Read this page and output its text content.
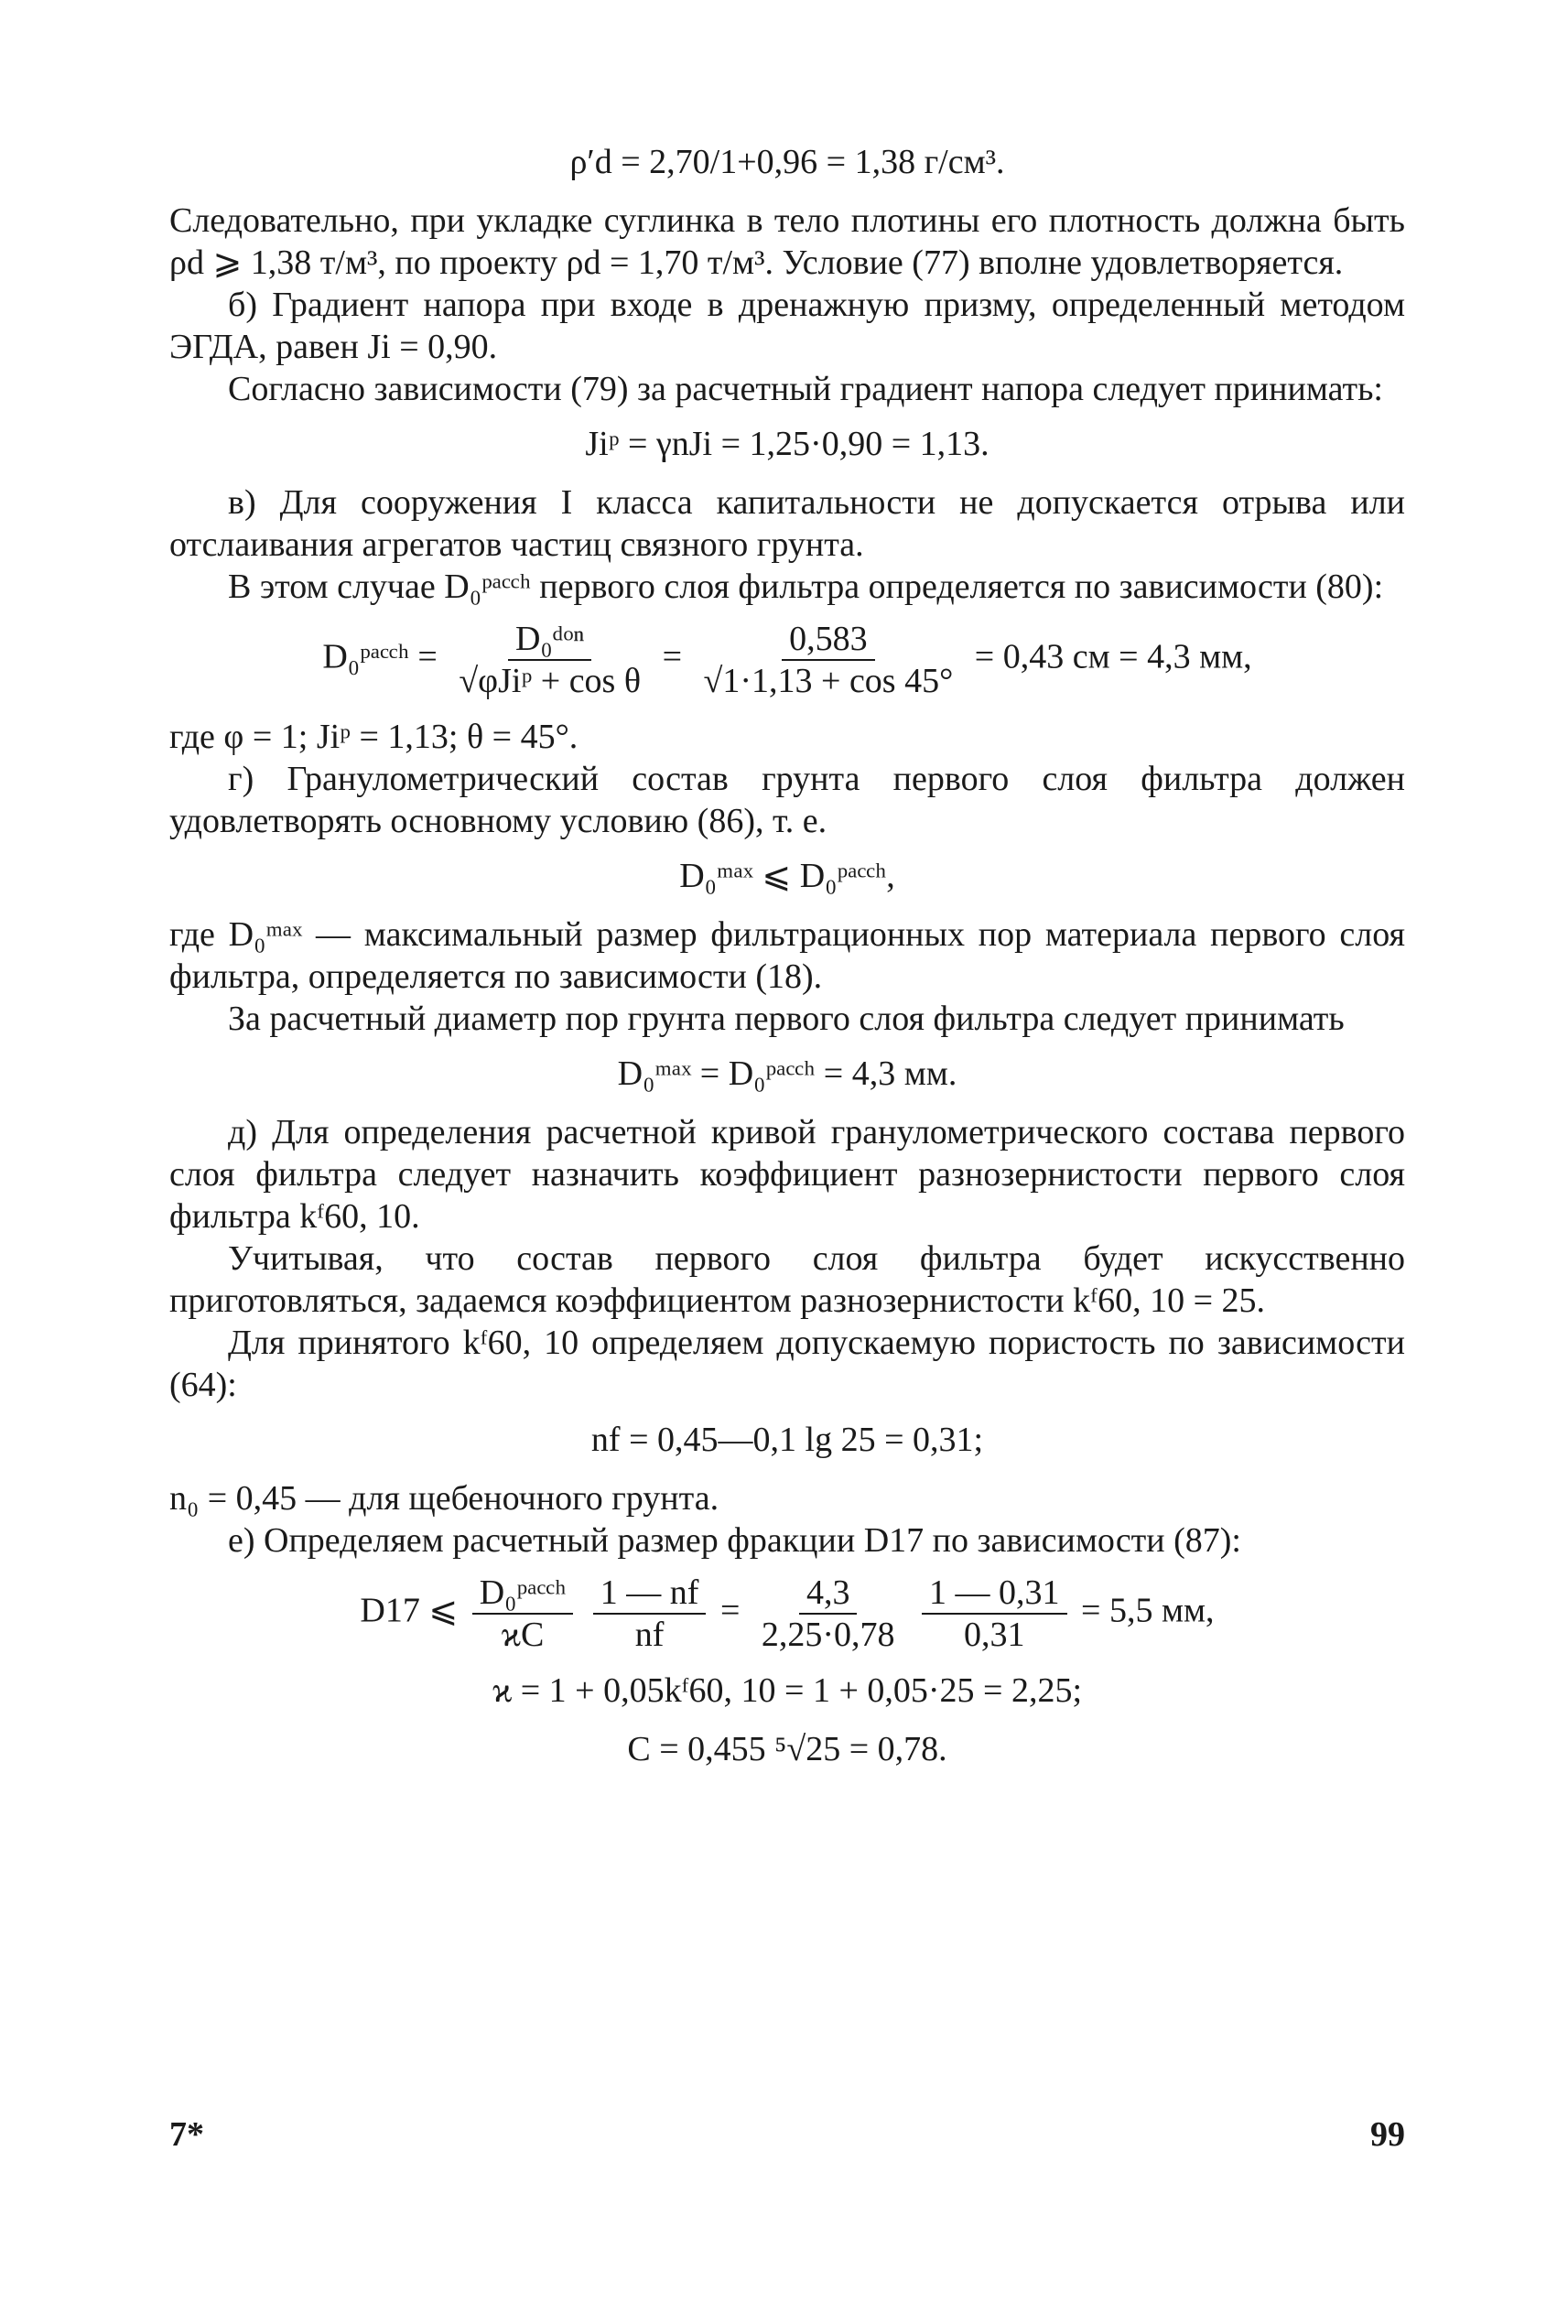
ρ′d = 2,70/1+0,96 = 1,38 г/см³.

Следовательно, при укладке суглинка в тело плотины его плотность должна быть ρd ⩾ 1,38 т/м³, по проекту ρd = 1,70 т/м³. Условие (77) вполне удовлетворяется.

б) Градиент напора при входе в дренажную призму, определенный методом ЭГДА, равен Ji = 0,90.

Согласно зависимости (79) за расчетный градиент напора следует принимать:

Jiᵖ = γnJi = 1,25·0,90 = 1,13.

в) Для сооружения I класса капитальности не допускается отрыва или отслаивания агрегатов частиц связного грунта.

В этом случае D₀ᵖᵃᶜᶜʰ первого слоя фильтра определяется по зависимости (80):

D₀ᵖᵃᶜᶜʰ = $\frac{\text{D₀ᵈᵒⁿ}}{\text{√φJiᵖ + cos θ}} = \frac{0,583}{√1\cdot 1,13 + \cos 45^\circ} = 0,43$ см = 4,3 мм,

где φ = 1; Jiᵖ = 1,13; θ = 45°.

г) Гранулометрический состав грунта первого слоя фильтра должен удовлетворять основному условию (86), т. е.

D₀ᵐᵃˣ ⩽ D₀ᵖᵃᶜᶜʰ,

где D₀ᵐᵃˣ — максимальный размер фильтрационных пор материала первого слоя фильтра, определяется по зависимости (18).

За расчетный диаметр пор грунта первого слоя фильтра следует принимать

D₀ᵐᵃˣ = D₀ᵖᵃᶜᶜʰ = 4,3 мм.

д) Для определения расчетной кривой гранулометрического состава первого слоя фильтра следует назначить коэффициент разнозернистости первого слоя фильтра kᶠ60, 10.

Учитывая, что состав первого слоя фильтра будет искусственно приготовляться, задаемся коэффициентом разнозернистости kᶠ60, 10 = 25.

Для принятого kᶠ60, 10 определяем допускаемую пористость по зависимости (64):

nf = 0,45—0,1 lg 25 = 0,31;

n₀ = 0,45 — для щебеночного грунта.

е) Определяем расчетный размер фракции D17 по зависимости (87):

D17 ⩽ $\frac{\text{D₀ᵖᵃᶜᶜʰ}}{ϰC}$
$\frac{1 — nf}{nf} = \frac{4,3}{2,25\cdot 0,78}$
$\frac{1 — 0,31}{0,31} = 5,5$ мм,
ϰ = 1 + 0,05kᶠ60, 10 = 1 + 0,05·25 = 2,25;
C = 0,455 ⁵√25 = 0,78.
7*	99
